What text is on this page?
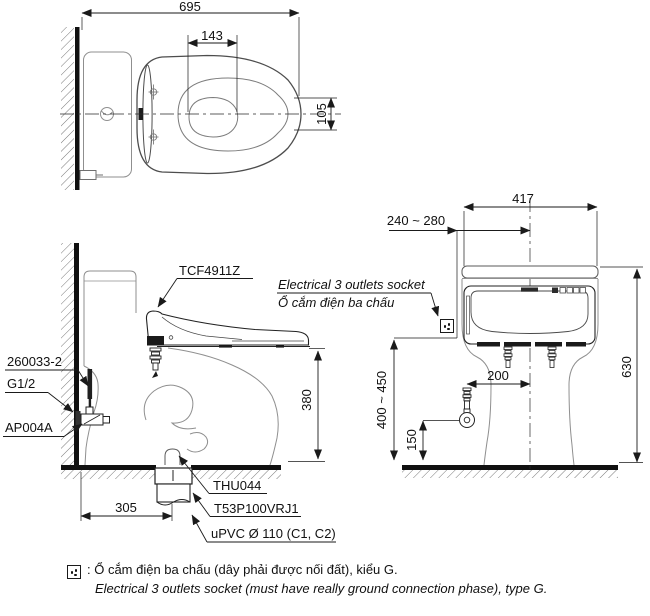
695
143
105
TCF4911Z
Electrical 3 outlets socket
Ổ cắm điện ba chấu
260033-2
G1/2
AP004A
380
305
THU044
T53P100VRJ1
uPVC Ø 110 (C1, C2)
417
240 ~ 280
630
400 ~ 450	200
150
: Ổ cắm điện ba chấu (dây phải được nối đất), kiểu G.
Electrical 3 outlets socket (must have really ground connection phase), type G.
